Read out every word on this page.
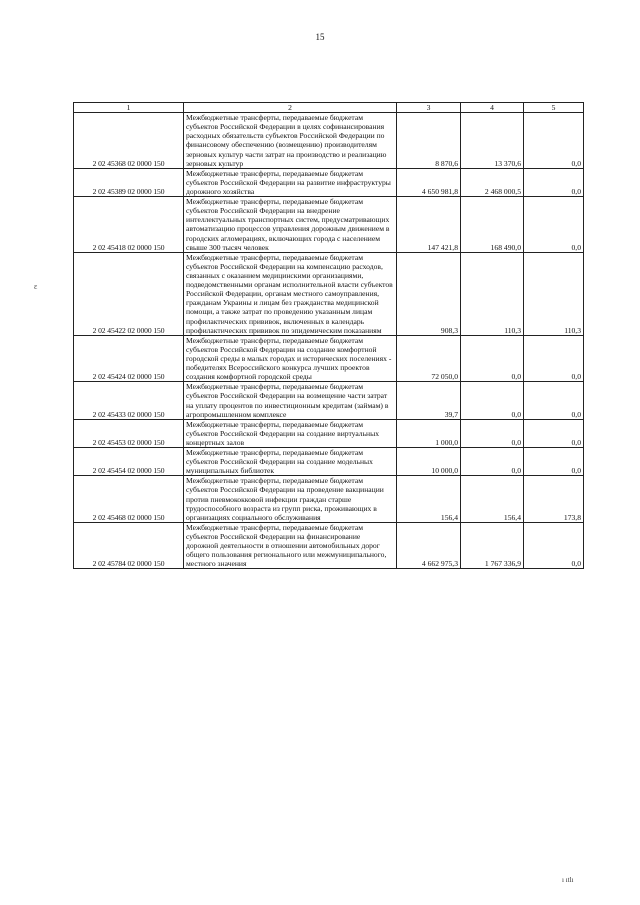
15
ɛ
1	2	3	4	5
2 02 45368 02 0000 150	Межбюджетные трансферты, передаваемые бюджетам субъектов Российской Федерации в целях софинансирования расходных обязательств субъектов Российской Федерации по финансовому обеспечению (возмещению) производителям зерновых культур части затрат на производство и реализацию зерновых культур	8 870,6	13 370,6	0,0
2 02 45389 02 0000 150	Межбюджетные трансферты, передаваемые бюджетам субъектов Российской Федерации на развитие инфраструктуры дорожного хозяйства	4 650 981,8	2 468 000,5	0,0
2 02 45418 02 0000 150	Межбюджетные трансферты, передаваемые бюджетам субъектов Российской Федерации на внедрение интеллектуальных транспортных систем, предусматривающих автоматизацию процессов управления дорожным движением в городских агломерациях, включающих города с населением свыше 300 тысяч человек	147 421,8	168 490,0	0,0
2 02 45422 02 0000 150	Межбюджетные трансферты, передаваемые бюджетам субъектов Российской Федерации на компенсацию расходов, связанных с оказанием медицинскими организациями, подведомственными органам исполнительной власти субъектов Российской Федерации, органам местного самоуправления, гражданам Украины и лицам без гражданства медицинской помощи, а также затрат по проведению указанным лицам профилактических прививок, включенных в календарь профилактических прививок по эпидемическим показаниям	908,3	110,3	110,3
2 02 45424 02 0000 150	Межбюджетные трансферты, передаваемые бюджетам субъектов Российской Федерации на создание комфортной городской среды в малых городах и исторических поселениях - победителях Всероссийского конкурса лучших проектов создания комфортной городской среды	72 050,0	0,0	0,0
2 02 45433 02 0000 150	Межбюджетные трансферты, передаваемые бюджетам субъектов Российской Федерации на возмещение части затрат на уплату процентов по инвестиционным кредитам (займам) в агропромышленном комплексе	39,7	0,0	0,0
2 02 45453 02 0000 150	Межбюджетные трансферты, передаваемые бюджетам субъектов Российской Федерации на создание виртуальных концертных залов	1 000,0	0,0	0,0
2 02 45454 02 0000 150	Межбюджетные трансферты, передаваемые бюджетам субъектов Российской Федерации на создание модельных муниципальных библиотек	10 000,0	0,0	0,0
2 02 45468 02 0000 150	Межбюджетные трансферты, передаваемые бюджетам субъектов Российской Федерации на проведение вакцинации против пневмококковой инфекции граждан старше трудоспособного возраста из групп риска, проживающих в организациях социального обслуживания	156,4	156,4	173,8
2 02 45784 02 0000 150	Межбюджетные трансферты, передаваемые бюджетам субъектов Российской Федерации на финансирование дорожной деятельности в отношении автомобильных дорог общего пользования регионального или межмуниципального, местного значения	4 662 975,3	1 767 336,9	0,0
ı ıtlı
